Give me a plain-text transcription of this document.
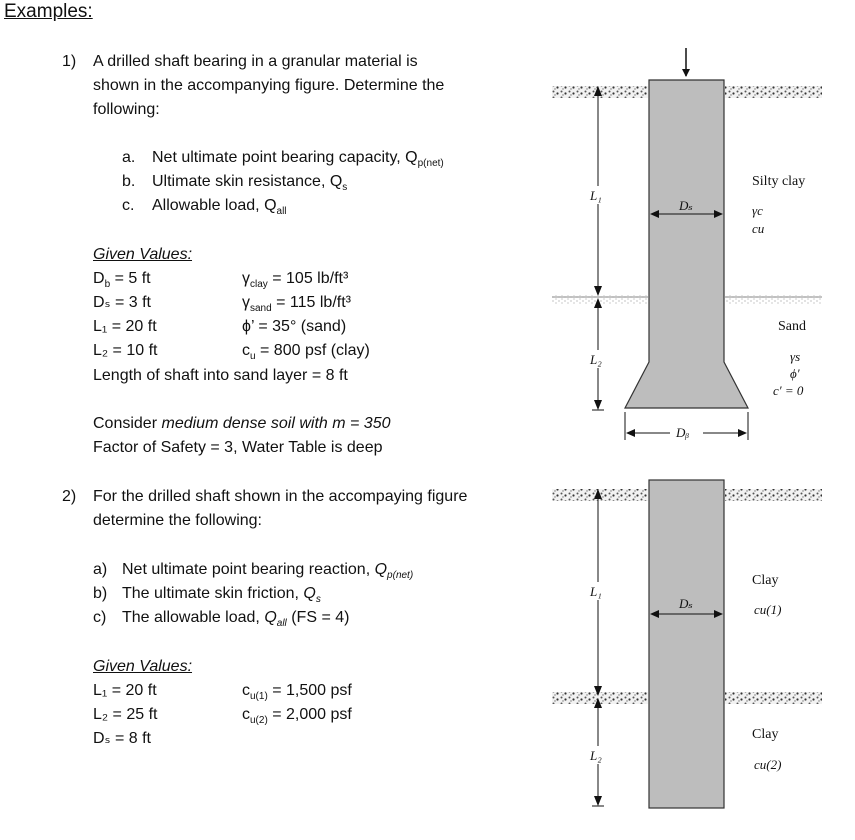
Examples:
1) A drilled shaft bearing in a granular material is
shown in the accompanying figure. Determine the
following:
a. Net ultimate point bearing capacity, $Q_{p(net)}$
b. Ultimate skin resistance, $Q_s$
c. Allowable load, $Q_{all}$
Given Values:
$D_b = 5$ ft
Dₛ = 3 ft
L₁ = 20 ft
L₂ = 10 ft
$\gamma_{clay} = 105$ lb/ft³
$\gamma_{sand} = 115$ lb/ft³
ϕ’ = 35° (sand)
$c_u = 800$ psf (clay)
Length of shaft into sand layer = 8 ft
Consider medium dense soil with m = 350
Factor of Safety = 3, Water Table is deep
2) For the drilled shaft shown in the accompaying figure
determine the following:
a) Net ultimate point bearing reaction, $Q_{p(net)}$
b) The ultimate skin friction, $Q_s$
c) The allowable load, $Q_{all}$ (FS = 4)
Given Values:
L₁ = 20 ft
L₂ = 25 ft
Dₛ = 8 ft
$c_{u(1)} = 1,500$ psf
$c_{u(2)} = 2,000$ psf
L₁
L₂
Dₛ
Dᵦ
Silty clay
γc
cu
Sand
γs
ϕ′
c′ = 0
L₁
L₂
Dₛ
Clay
cu(1)
Clay
cu(2)
